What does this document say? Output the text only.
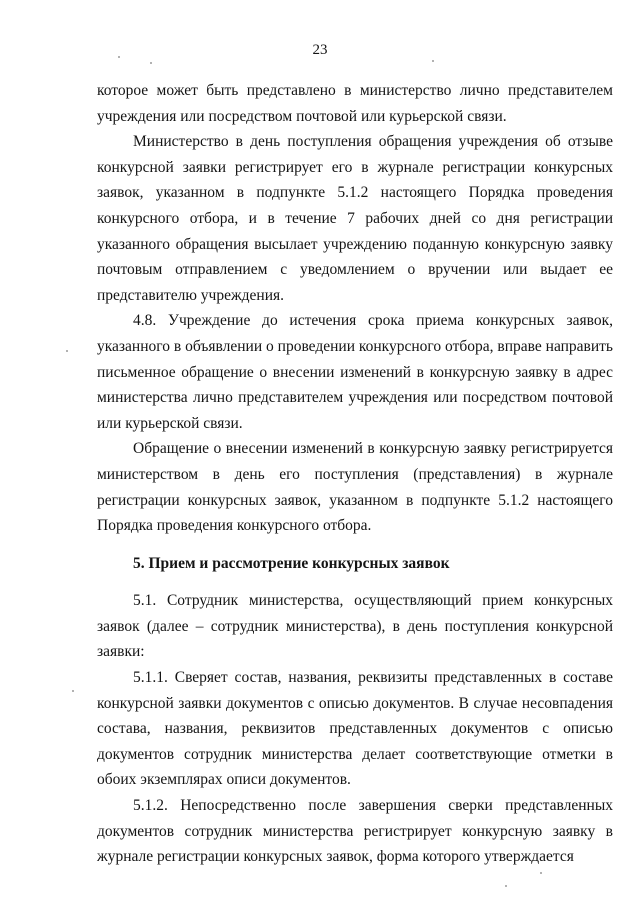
23

которое может быть представлено в министерство лично представителем учреждения или посредством почтовой или курьерской связи.

Министерство в день поступления обращения учреждения об отзыве конкурсной заявки регистрирует его в журнале регистрации конкурсных заявок, указанном в подпункте 5.1.2 настоящего Порядка проведения конкурсного отбора, и в течение 7 рабочих дней со дня регистрации указанного обращения высылает учреждению поданную конкурсную заявку почтовым отправлением с уведомлением о вручении или выдает ее представителю учреждения.

4.8. Учреждение до истечения срока приема конкурсных заявок, указанного в объявлении о проведении конкурсного отбора, вправе направить письменное обращение о внесении изменений в конкурсную заявку в адрес министерства лично представителем учреждения или посредством почтовой или курьерской связи.

Обращение о внесении изменений в конкурсную заявку регистрируется министерством в день его поступления (представления) в журнале регистрации конкурсных заявок, указанном в подпункте 5.1.2 настоящего Порядка проведения конкурсного отбора.

5. Прием и рассмотрение конкурсных заявок

5.1. Сотрудник министерства, осуществляющий прием конкурсных заявок (далее – сотрудник министерства), в день поступления конкурсной заявки:

5.1.1. Сверяет состав, названия, реквизиты представленных в составе конкурсной заявки документов с описью документов. В случае несовпадения состава, названия, реквизитов представленных документов с описью документов сотрудник министерства делает соответствующие отметки в обоих экземплярах описи документов.

5.1.2. Непосредственно после завершения сверки представленных документов сотрудник министерства регистрирует конкурсную заявку в журнале регистрации конкурсных заявок, форма которого утверждается
